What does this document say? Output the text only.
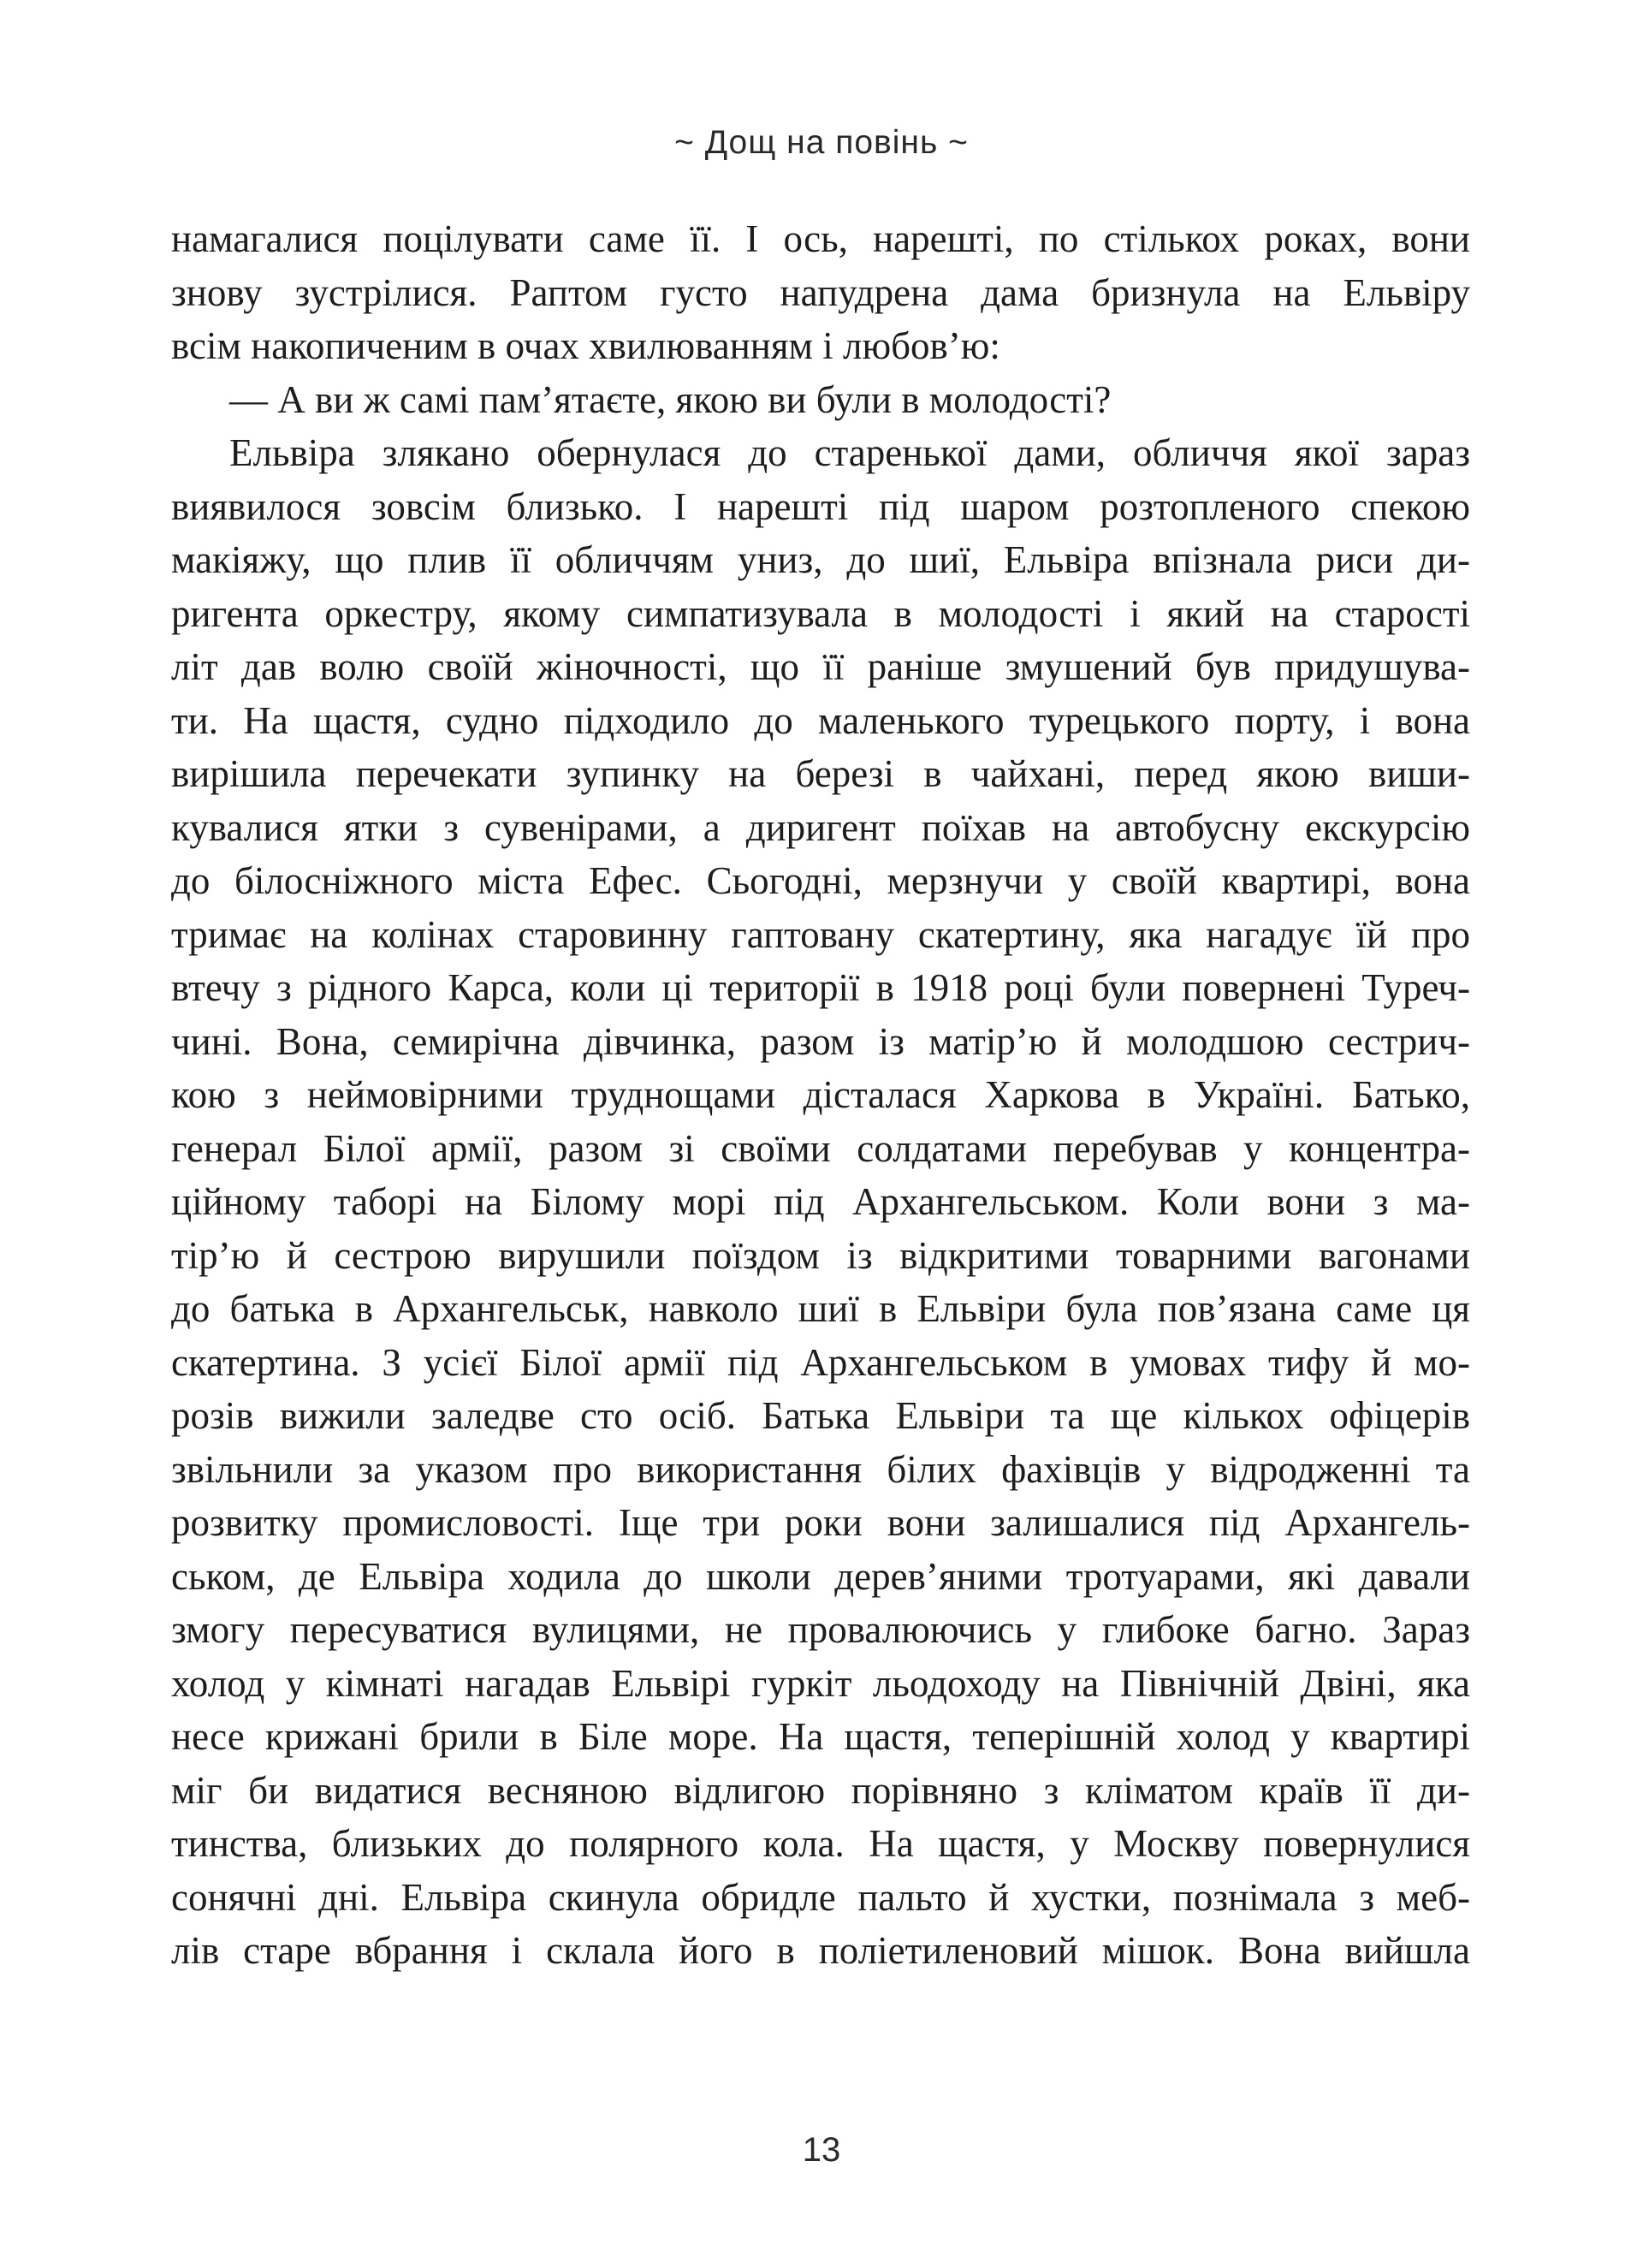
~ Дощ на повінь ~
намагалися поцілувати саме її. І ось, нарешті, по стількох роках, вони
знову зустрілися. Раптом густо напудрена дама бризнула на Ельвіру
всім накопиченим в очах хвилюванням і любов’ю:
— А ви ж самі пам’ятаєте, якою ви були в молодості?
Ельвіра злякано обернулася до старенької дами, обличчя якої зараз
виявилося зовсім близько. І нарешті під шаром розтопленого спекою
макіяжу, що плив її обличчям униз, до шиї, Ельвіра впізнала риси ди-
ригента оркестру, якому симпатизувала в молодості і який на старості
літ дав волю своїй жіночності, що її раніше змушений був придушува-
ти. На щастя, судно підходило до маленького турецького порту, і вона
вирішила перечекати зупинку на березі в чайхані, перед якою виши-
кувалися ятки з сувенірами, а диригент поїхав на автобусну екскурсію
до білосніжного міста Ефес. Сьогодні, мерзнучи у своїй квартирі, вона
тримає на колінах старовинну гаптовану скатертину, яка нагадує їй про
втечу з рідного Карса, коли ці території в 1918 році були повернені Туреч-
чині. Вона, семирічна дівчинка, разом із матір’ю й молодшою сестрич-
кою з неймовірними труднощами дісталася Харкова в Україні. Батько,
генерал Білої армії, разом зі своїми солдатами перебував у концентра-
ційному таборі на Білому морі під Архангельськом. Коли вони з ма-
тір’ю й сестрою вирушили поїздом із відкритими товарними вагонами
до батька в Архангельськ, навколо шиї в Ельвіри була пов’язана саме ця
скатертина. З усієї Білої армії під Архангельськом в умовах тифу й мо-
розів вижили заледве сто осіб. Батька Ельвіри та ще кількох офіцерів
звільнили за указом про використання білих фахівців у відродженні та
розвитку промисловості. Іще три роки вони залишалися під Архангель-
ськом, де Ельвіра ходила до школи дерев’яними тротуарами, які давали
змогу пересуватися вулицями, не провалюючись у глибоке багно. Зараз
холод у кімнаті нагадав Ельвірі гуркіт льодоходу на Північній Двіні, яка
несе крижані брили в Біле море. На щастя, теперішній холод у квартирі
міг би видатися весняною відлигою порівняно з кліматом країв її ди-
тинства, близьких до полярного кола. На щастя, у Москву повернулися
сонячні дні. Ельвіра скинула обридле пальто й хустки, познімала з меб-
лів старе вбрання і склала його в поліетиленовий мішок. Вона вийшла
13
